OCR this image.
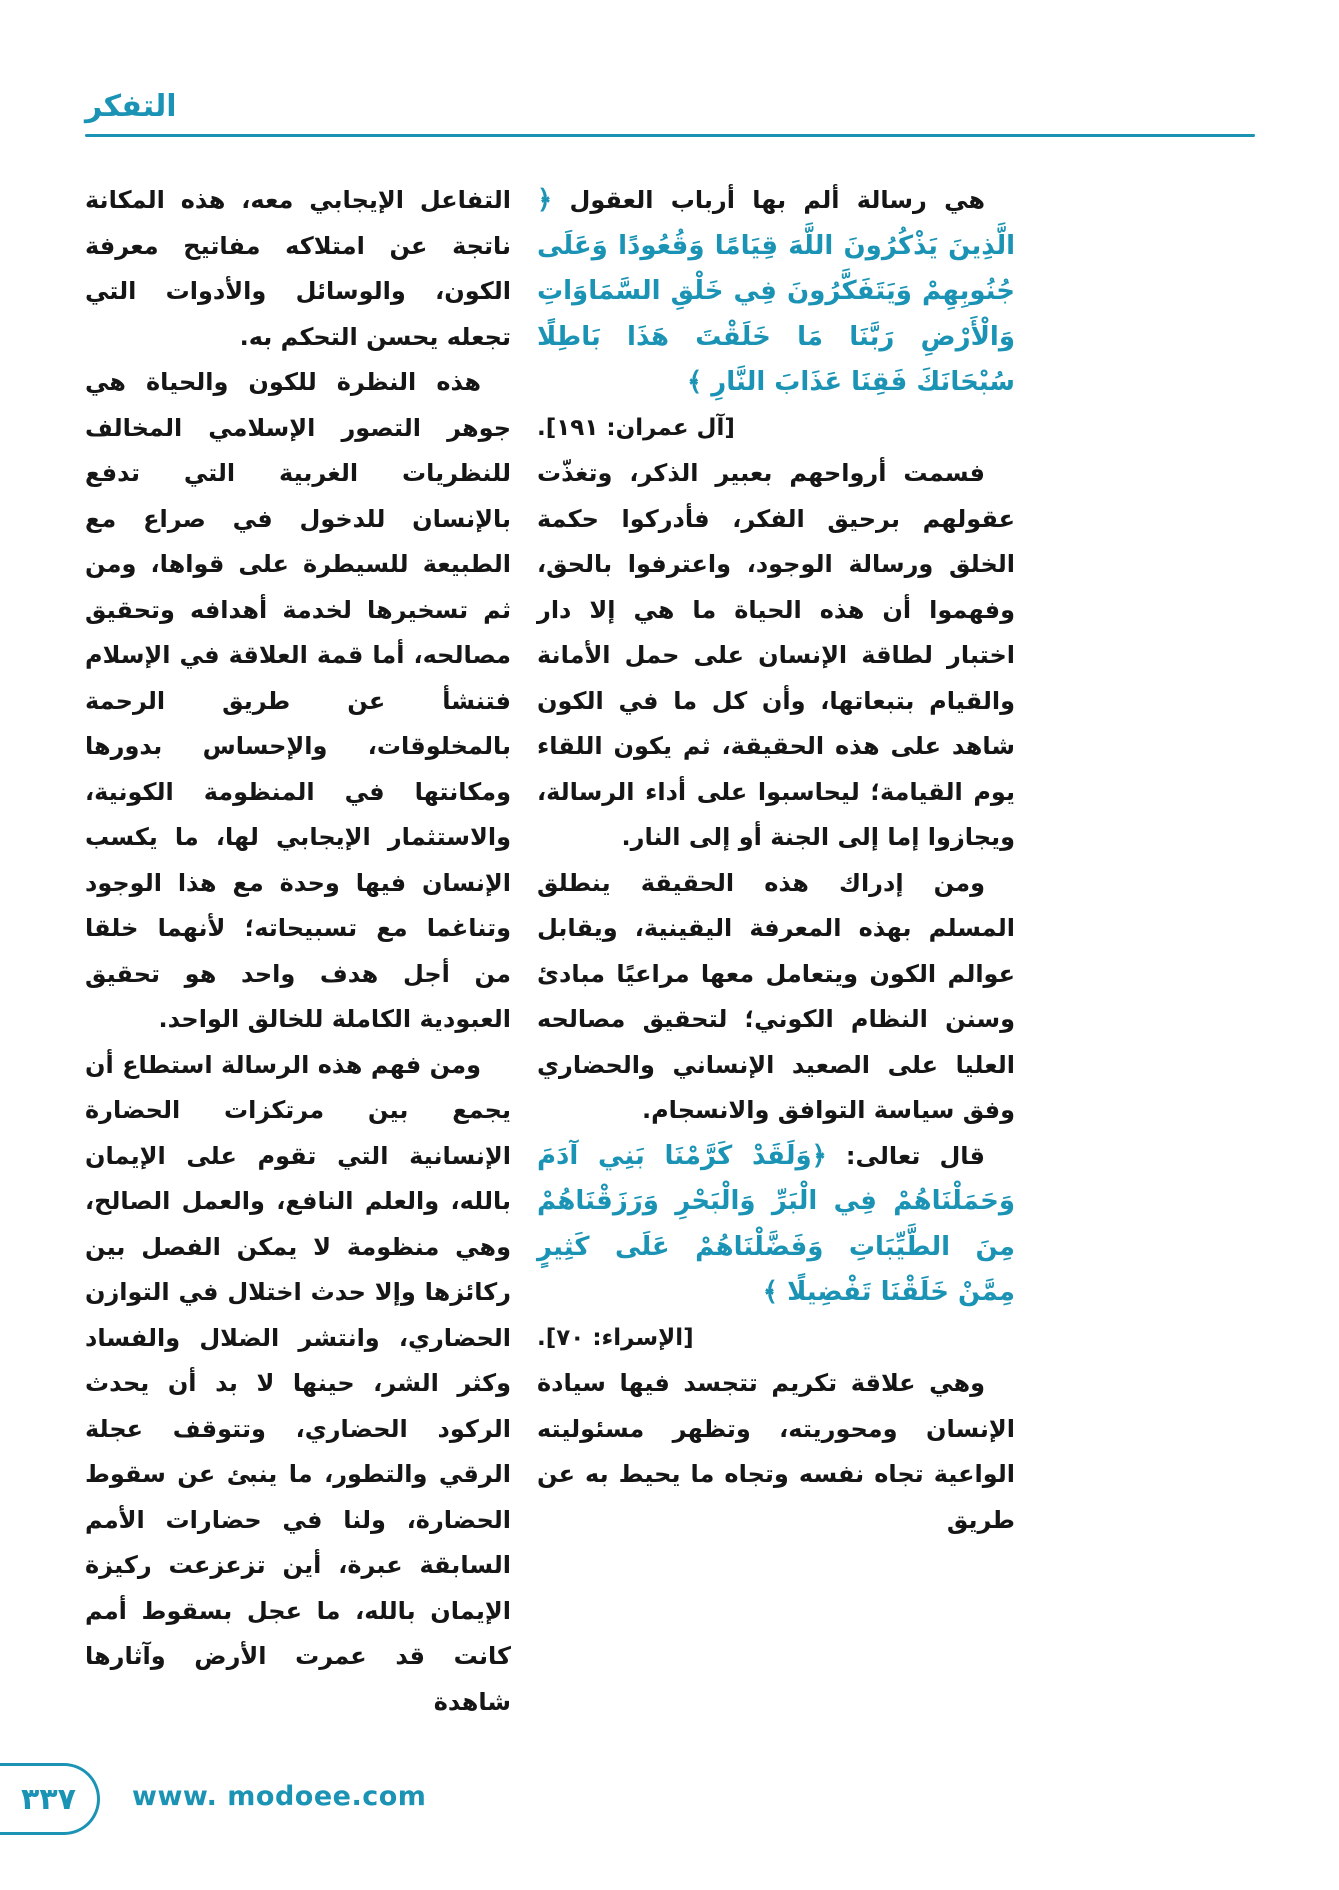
التفكر

هي رسالة ألم بها أرباب العقول ﴿ الَّذِينَ يَذْكُرُونَ اللَّهَ قِيَامًا وَقُعُودًا وَعَلَى جُنُوبِهِمْ وَيَتَفَكَّرُونَ فِي خَلْقِ السَّمَاوَاتِ وَالْأَرْضِ رَبَّنَا مَا خَلَقْتَ هَذَا بَاطِلًا سُبْحَانَكَ فَقِنَا عَذَابَ النَّارِ ﴾
[آل عمران: ١٩١].

فسمت أرواحهم بعبير الذكر، وتغذّت عقولهم برحيق الفكر، فأدركوا حكمة الخلق ورسالة الوجود، واعترفوا بالحق، وفهموا أن هذه الحياة ما هي إلا دار اختبار لطاقة الإنسان على حمل الأمانة والقيام بتبعاتها، وأن كل ما في الكون شاهد على هذه الحقيقة، ثم يكون اللقاء يوم القيامة؛ ليحاسبوا على أداء الرسالة، ويجازوا إما إلى الجنة أو إلى النار.

ومن إدراك هذه الحقيقة ينطلق المسلم بهذه المعرفة اليقينية، ويقابل عوالم الكون ويتعامل معها مراعيًا مبادئ وسنن النظام الكوني؛ لتحقيق مصالحه العليا على الصعيد الإنساني والحضاري وفق سياسة التوافق والانسجام.

قال تعالى: ﴿وَلَقَدْ كَرَّمْنَا بَنِي آدَمَ وَحَمَلْنَاهُمْ فِي الْبَرِّ وَالْبَحْرِ وَرَزَقْنَاهُمْ مِنَ الطَّيِّبَاتِ وَفَضَّلْنَاهُمْ عَلَى كَثِيرٍ مِمَّنْ خَلَقْنَا تَفْضِيلًا ﴾
[الإسراء: ٧٠].

وهي علاقة تكريم تتجسد فيها سيادة الإنسان ومحوريته، وتظهر مسئوليته الواعية تجاه نفسه وتجاه ما يحيط به عن طريق

التفاعل الإيجابي معه، هذه المكانة ناتجة عن امتلاكه مفاتيح معرفة الكون، والوسائل والأدوات التي تجعله يحسن التحكم به.

هذه النظرة للكون والحياة هي جوهر التصور الإسلامي المخالف للنظريات الغربية التي تدفع بالإنسان للدخول في صراع مع الطبيعة للسيطرة على قواها، ومن ثم تسخيرها لخدمة أهدافه وتحقيق مصالحه، أما قمة العلاقة في الإسلام فتنشأ عن طريق الرحمة بالمخلوقات، والإحساس بدورها ومكانتها في المنظومة الكونية، والاستثمار الإيجابي لها، ما يكسب الإنسان فيها وحدة مع هذا الوجود وتناغما مع تسبيحاته؛ لأنهما خلقا من أجل هدف واحد هو تحقيق العبودية الكاملة للخالق الواحد.

ومن فهم هذه الرسالة استطاع أن يجمع بين مرتكزات الحضارة الإنسانية التي تقوم على الإيمان بالله، والعلم النافع، والعمل الصالح، وهي منظومة لا يمكن الفصل بين ركائزها وإلا حدث اختلال في التوازن الحضاري، وانتشر الضلال والفساد وكثر الشر، حينها لا بد أن يحدث الركود الحضاري، وتتوقف عجلة الرقي والتطور، ما ينبئ عن سقوط الحضارة، ولنا في حضارات الأمم السابقة عبرة، أين تزعزعت ركيزة الإيمان بالله، ما عجل بسقوط أمم كانت قد عمرت الأرض وآثارها شاهدة

٣٣٧ www. modoee.com
